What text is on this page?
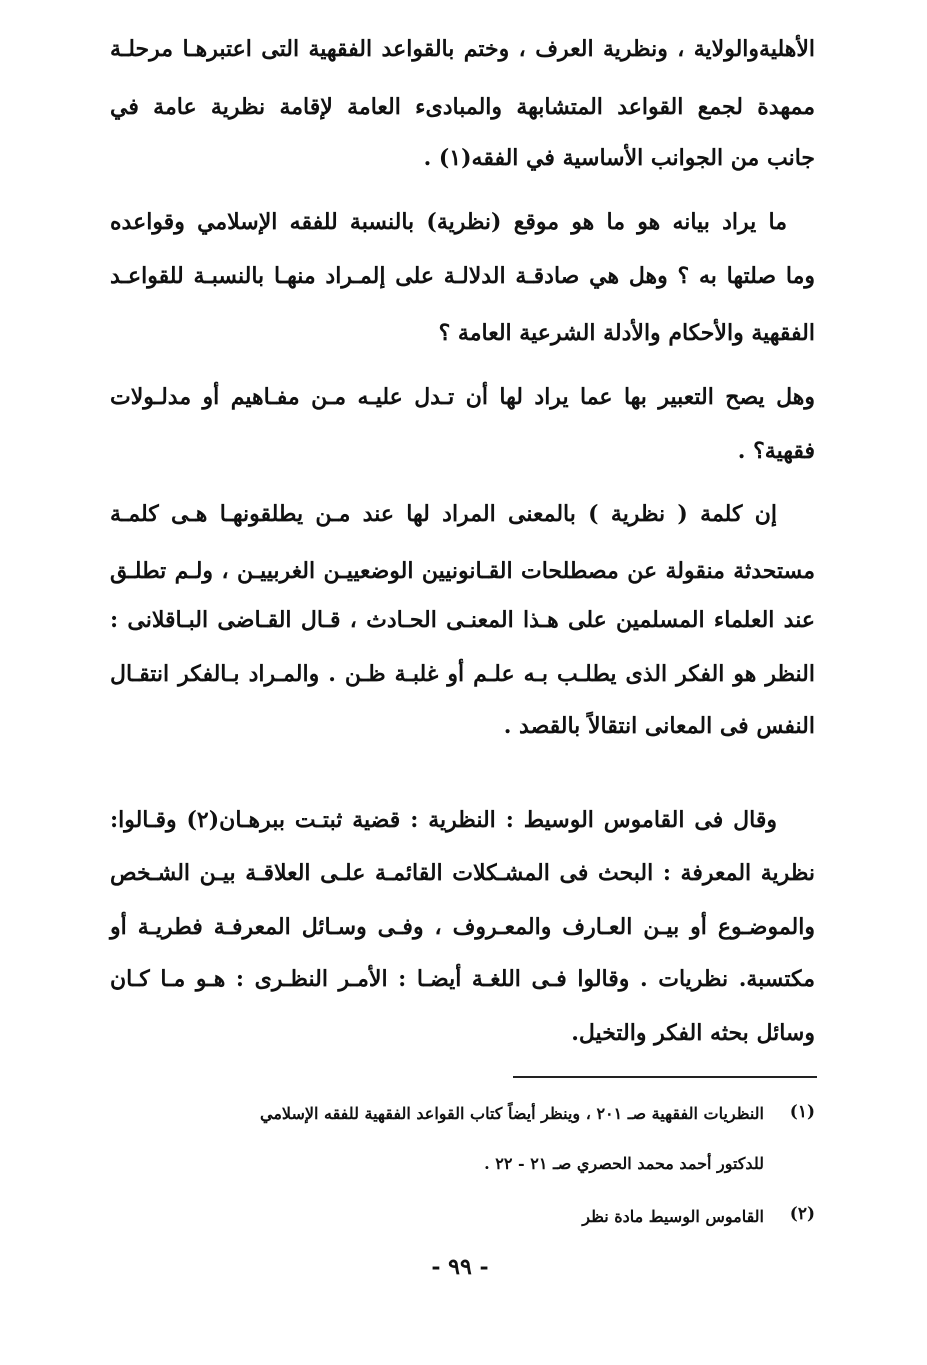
الأهليةوالولاية ، ونظرية العرف ، وختم بالقواعد الفقهية التى اعتبرهـا مرحلـة
ممهدة لجمع القواعد المتشابهة والمبادىء العامة لإقامة نظرية عامة في
جانب من الجوانب الأساسية في الفقه(١) .
ما يراد بيانه هو ما هو موقع (نظرية) بالنسبة للفقه الإسلامي وقواعده
وما صلتها به ؟ وهل هي صادقـة الدلالـة على إلمـراد منهـا بالنسبـة للقواعـد
الفقهية والأحكام والأدلة الشرعية العامة ؟
وهل يصح التعبير بها عما يراد لها أن تـدل عليـه مـن مفـاهيم أو مدلـولات
فقهية؟ .
إن كلمة ( نظرية ) بالمعنى المراد لها عند مـن يطلقونهـا هـى كلمـة
مستحدثة منقولة عن مصطلحات القـانونيين الوضعييـن الغربييـن ، ولـم تطلـق
عند العلماء المسلمين على هـذا المعنـى الحـادث ، قـال القـاضى البـاقلانى :
النظر هو الفكر الذى يطلـب بـه علـم أو غلبـة ظـن . والمـراد بـالفكر انتقـال
النفس فى المعانى انتقالاً بالقصد .
وقال فى القاموس الوسيط : النظرية : قضية ثبتـت ببرهـان(٢) وقـالوا:
نظرية المعرفة : البحث فى المشـكلات القائمـة علـى العلاقـة بيـن الشـخص
والموضـوع أو بيـن العـارف والمعـروف ، وفـى وسـائل المعرفـة فطريـة أو
مكتسبة. نظريات . وقالوا فـى اللغـة أيضـا : الأمـر النظـرى : هـو مـا كـان
وسائل بحثه الفكر والتخيل.
(١)
النظريات الفقهية صـ ٢٠١ ، وينظر أيضاً كتاب القواعد الفقهية للفقه الإسلامي
للدكتور أحمد محمد الحصري صـ ٢١ - ٢٢ .
(٢)
القاموس الوسيط مادة نظر
- ٩٩ -
